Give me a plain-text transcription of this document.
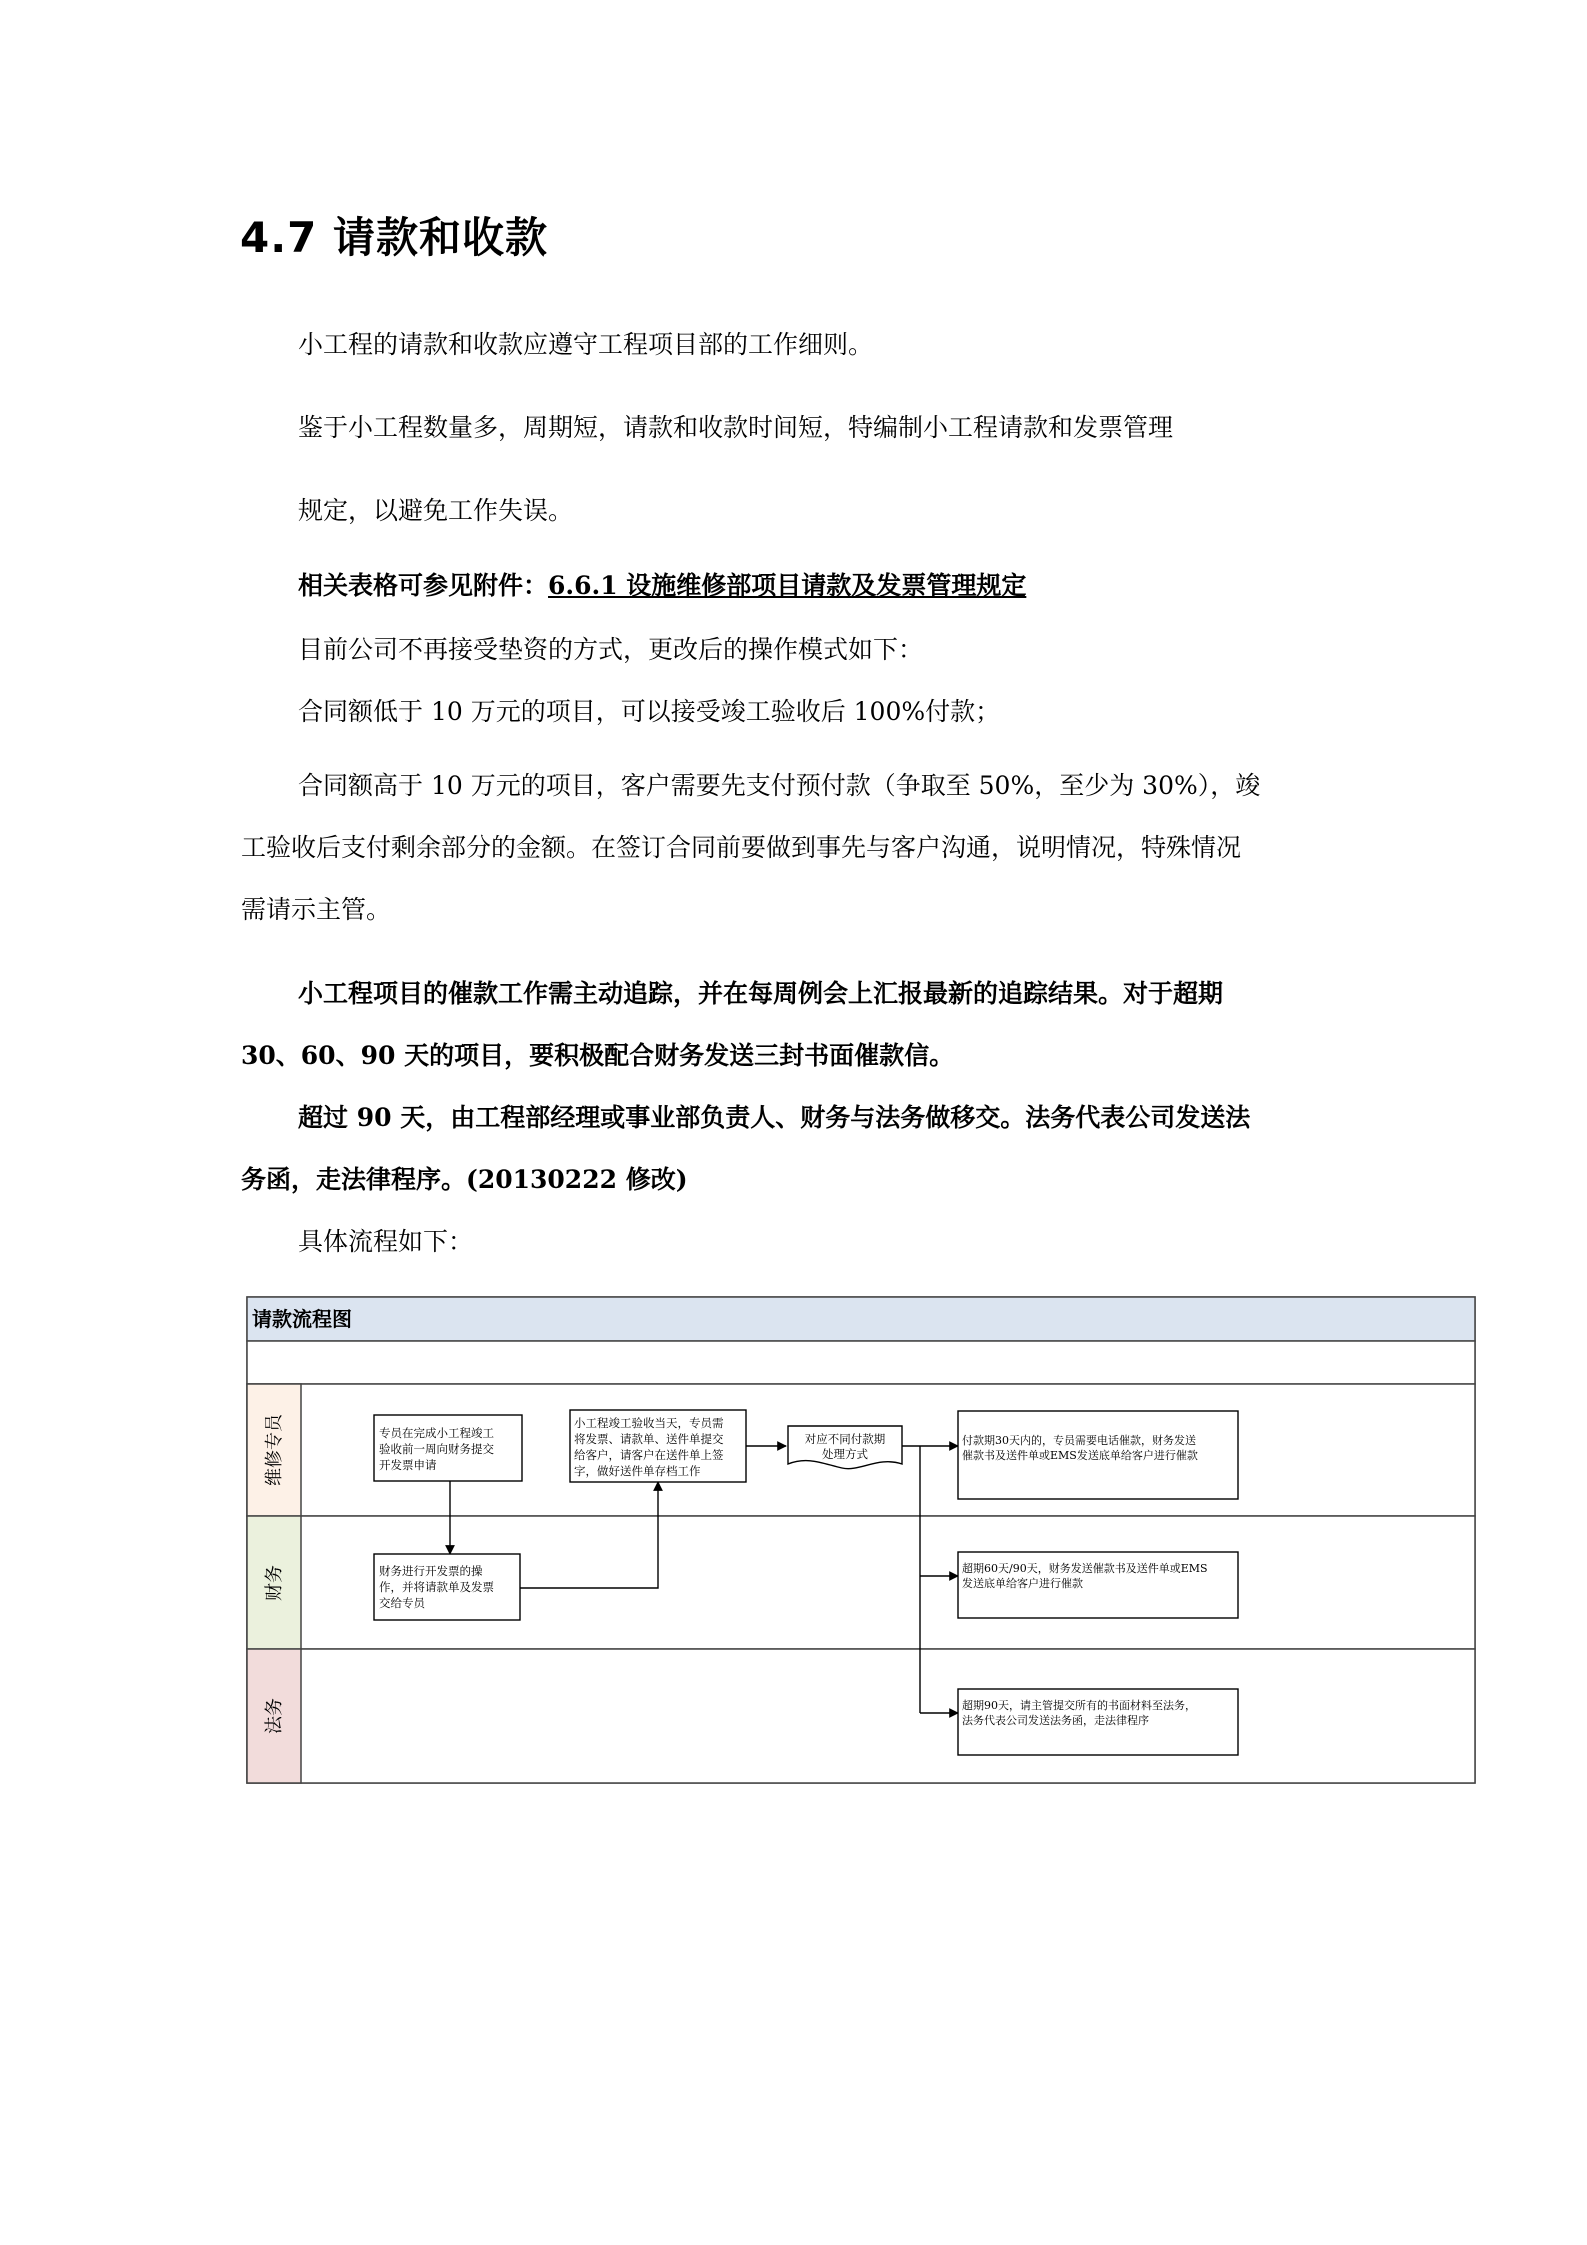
4.7 请款和收款

小工程的请款和收款应遵守工程项目部的工作细则。

鉴于小工程数量多，周期短，请款和收款时间短，特编制小工程请款和发票管理

规定，以避免工作失误。

相关表格可参见附件：6.6.1 设施维修部项目请款及发票管理规定

目前公司不再接受垫资的方式，更改后的操作模式如下：

合同额低于 10 万元的项目，可以接受竣工验收后 100%付款；

合同额高于 10 万元的项目，客户需要先支付预付款（争取至 50%，至少为 30%），竣

工验收后支付剩余部分的金额。在签订合同前要做到事先与客户沟通，说明情况，特殊情况

需请示主管。

小工程项目的催款工作需主动追踪，并在每周例会上汇报最新的追踪结果。对于超期

30、60、90 天的项目，要积极配合财务发送三封书面催款信。

超过 90 天，由工程部经理或事业部负责人、财务与法务做移交。法务代表公司发送法

务函，走法律程序。(20130222 修改)

具体流程如下：

请款流程图
维修专员
财务
法务
专员在完成小工程竣工
验收前一周向财务提交
开发票申请
财务进行开发票的操
作，并将请款单及发票
交给专员
小工程竣工验收当天，专员需
将发票、请款单、送件单提交
给客户，请客户在送件单上签
字，做好送件单存档工作
对应不同付款期
处理方式
付款期30天内的，专员需要电话催款，财务发送
催款书及送件单或EMS发送底单给客户进行催款
超期60天/90天，财务发送催款书及送件单或EMS
发送底单给客户进行催款
超期90天，请主管提交所有的书面材料至法务，
法务代表公司发送法务函，走法律程序
